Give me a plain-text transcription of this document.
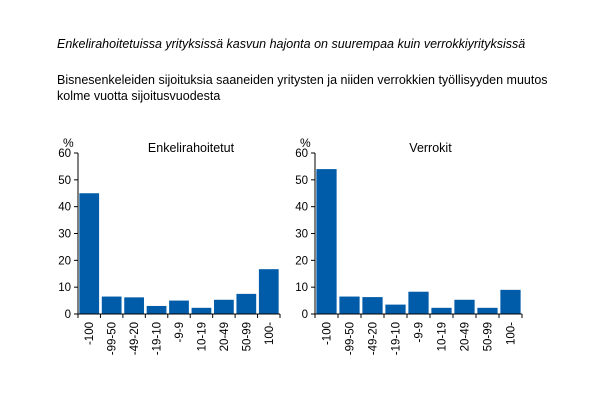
Enkelirahoitetuissa yrityksissä kasvun hajonta on suurempaa kuin verrokkiyrityksissä
Bisnesenkeleiden sijoituksia saaneiden yritysten ja niiden verrokkien työllisyyden muutos kolme vuotta sijoitusvuodesta
0
10
20
30
40
50
60
-100 -99-50 -49-20 -19-10 -9-9 10-19 20-49 50-99 100-
%	Enkelirahoitetut
0
10
20
30
40
50
60
-100 -99-50 -49-20 -19-10 -9-9 10-19 20-49 50-99 100-
%	Verrokit
